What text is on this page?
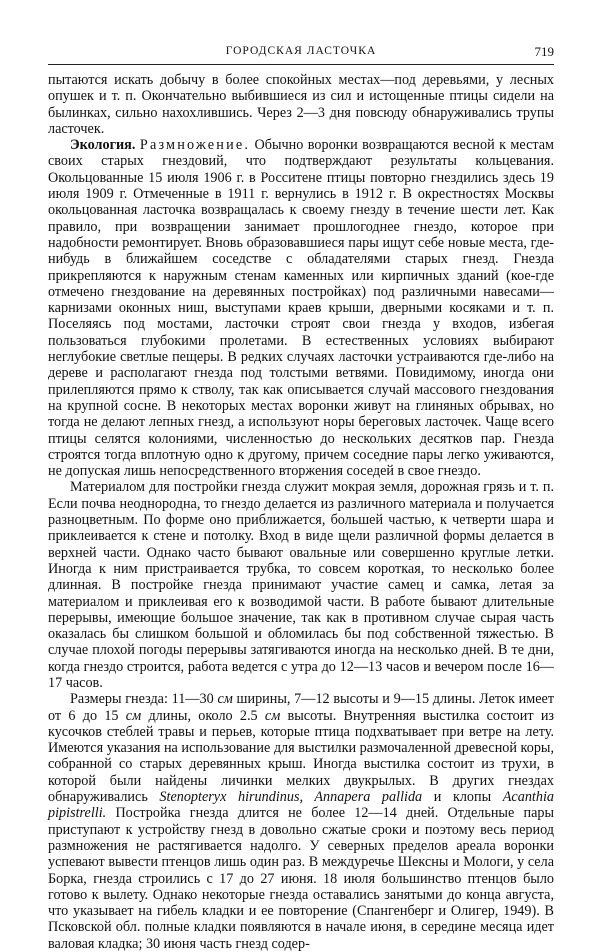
ГОРОДСКАЯ ЛАСТОЧКА	719

пытаются искать добычу в более спокойных местах—под деревьями, у лесных опушек и т. п. Окончательно выбившиеся из сил и истощенные птицы сидели на былинках, сильно нахохлившись. Через 2—3 дня повсюду обнаруживались трупы ласточек.

Экология. Размножение. Обычно воронки возвращаются весной к местам своих старых гнездовий, что подтверждают результаты кольцевания. Окольцованные 15 июля 1906 г. в Росситене птицы повторно гнездились здесь 19 июля 1909 г. Отмеченные в 1911 г. вернулись в 1912 г. В окрестностях Москвы окольцованная ласточка возвращалась к своему гнезду в течение шести лет. Как правило, при возвращении занимает прошлогоднее гнездо, которое при надобности ремонтирует. Вновь образовавшиеся пары ищут себе новые места, где-нибудь в ближайшем соседстве с обладателями старых гнезд. Гнезда прикрепляются к наружным стенам каменных или кирпичных зданий (кое-где отмечено гнездование на деревянных постройках) под различными навесами—карнизами оконных ниш, выступами краев крыши, дверными косяками и т. п. Поселяясь под мостами, ласточки строят свои гнезда у входов, избегая пользоваться глубокими пролетами. В естественных условиях выбирают неглубокие светлые пещеры. В редких случаях ласточки устраиваются где-либо на дереве и располагают гнезда под толстыми ветвями. Повидимому, иногда они прилепляются прямо к стволу, так как описывается случай массового гнездования на крупной сосне. В некоторых местах воронки живут на глиняных обрывах, но тогда не делают лепных гнезд, а используют норы береговых ласточек. Чаще всего птицы селятся колониями, численностью до нескольких десятков пар. Гнезда строятся тогда вплотную одно к другому, причем соседние пары легко уживаются, не допуская лишь непосредственного вторжения соседей в свое гнездо.

Материалом для постройки гнезда служит мокрая земля, дорожная грязь и т. п. Если почва неоднородна, то гнездо делается из различного материала и получается разноцветным. По форме оно приближается, большей частью, к четверти шара и приклеивается к стене и потолку. Вход в виде щели различной формы делается в верхней части. Однако часто бывают овальные или совершенно круглые летки. Иногда к ним пристраивается трубка, то совсем короткая, то несколько более длинная. В постройке гнезда принимают участие самец и самка, летая за материалом и приклеивая его к возводимой части. В работе бывают длительные перерывы, имеющие большое значение, так как в противном случае сырая часть оказалась бы слишком большой и обломилась бы под собственной тяжестью. В случае плохой погоды перерывы затягиваются иногда на несколько дней. В те дни, когда гнездо строится, работа ведется с утра до 12—13 часов и вечером после 16—17 часов.

Размеры гнезда: 11—30 см ширины, 7—12 высоты и 9—15 длины. Леток имеет от 6 до 15 см длины, около 2.5 см высоты. Внутренняя выстилка состоит из кусочков стеблей травы и перьев, которые птица подхватывает при ветре на лету. Имеются указания на использование для выстилки размочаленной древесной коры, собранной со старых деревянных крыш. Иногда выстилка состоит из трухи, в которой были найдены личинки мелких двукрылых. В других гнездах обнаруживались Stenopteryx hirundinus, Annapera pallida и клопы Acanthia pipistrelli. Постройка гнезда длится не более 12—14 дней. Отдельные пары приступают к устройству гнезд в довольно сжатые сроки и поэтому весь период размножения не растягивается надолго. У северных пределов ареала воронки успевают вывести птенцов лишь один раз. В междуречье Шексны и Мологи, у села Борка, гнезда строились с 17 до 27 июня. 18 июля большинство птенцов было готово к вылету. Однако некоторые гнезда оставались занятыми до конца августа, что указывает на гибель кладки и ее повторение (Спангенберг и Олигер, 1949). В Псковской обл. полные кладки появляются в начале июня, в середине месяца идет валовая кладка; 30 июня часть гнезд содер-
